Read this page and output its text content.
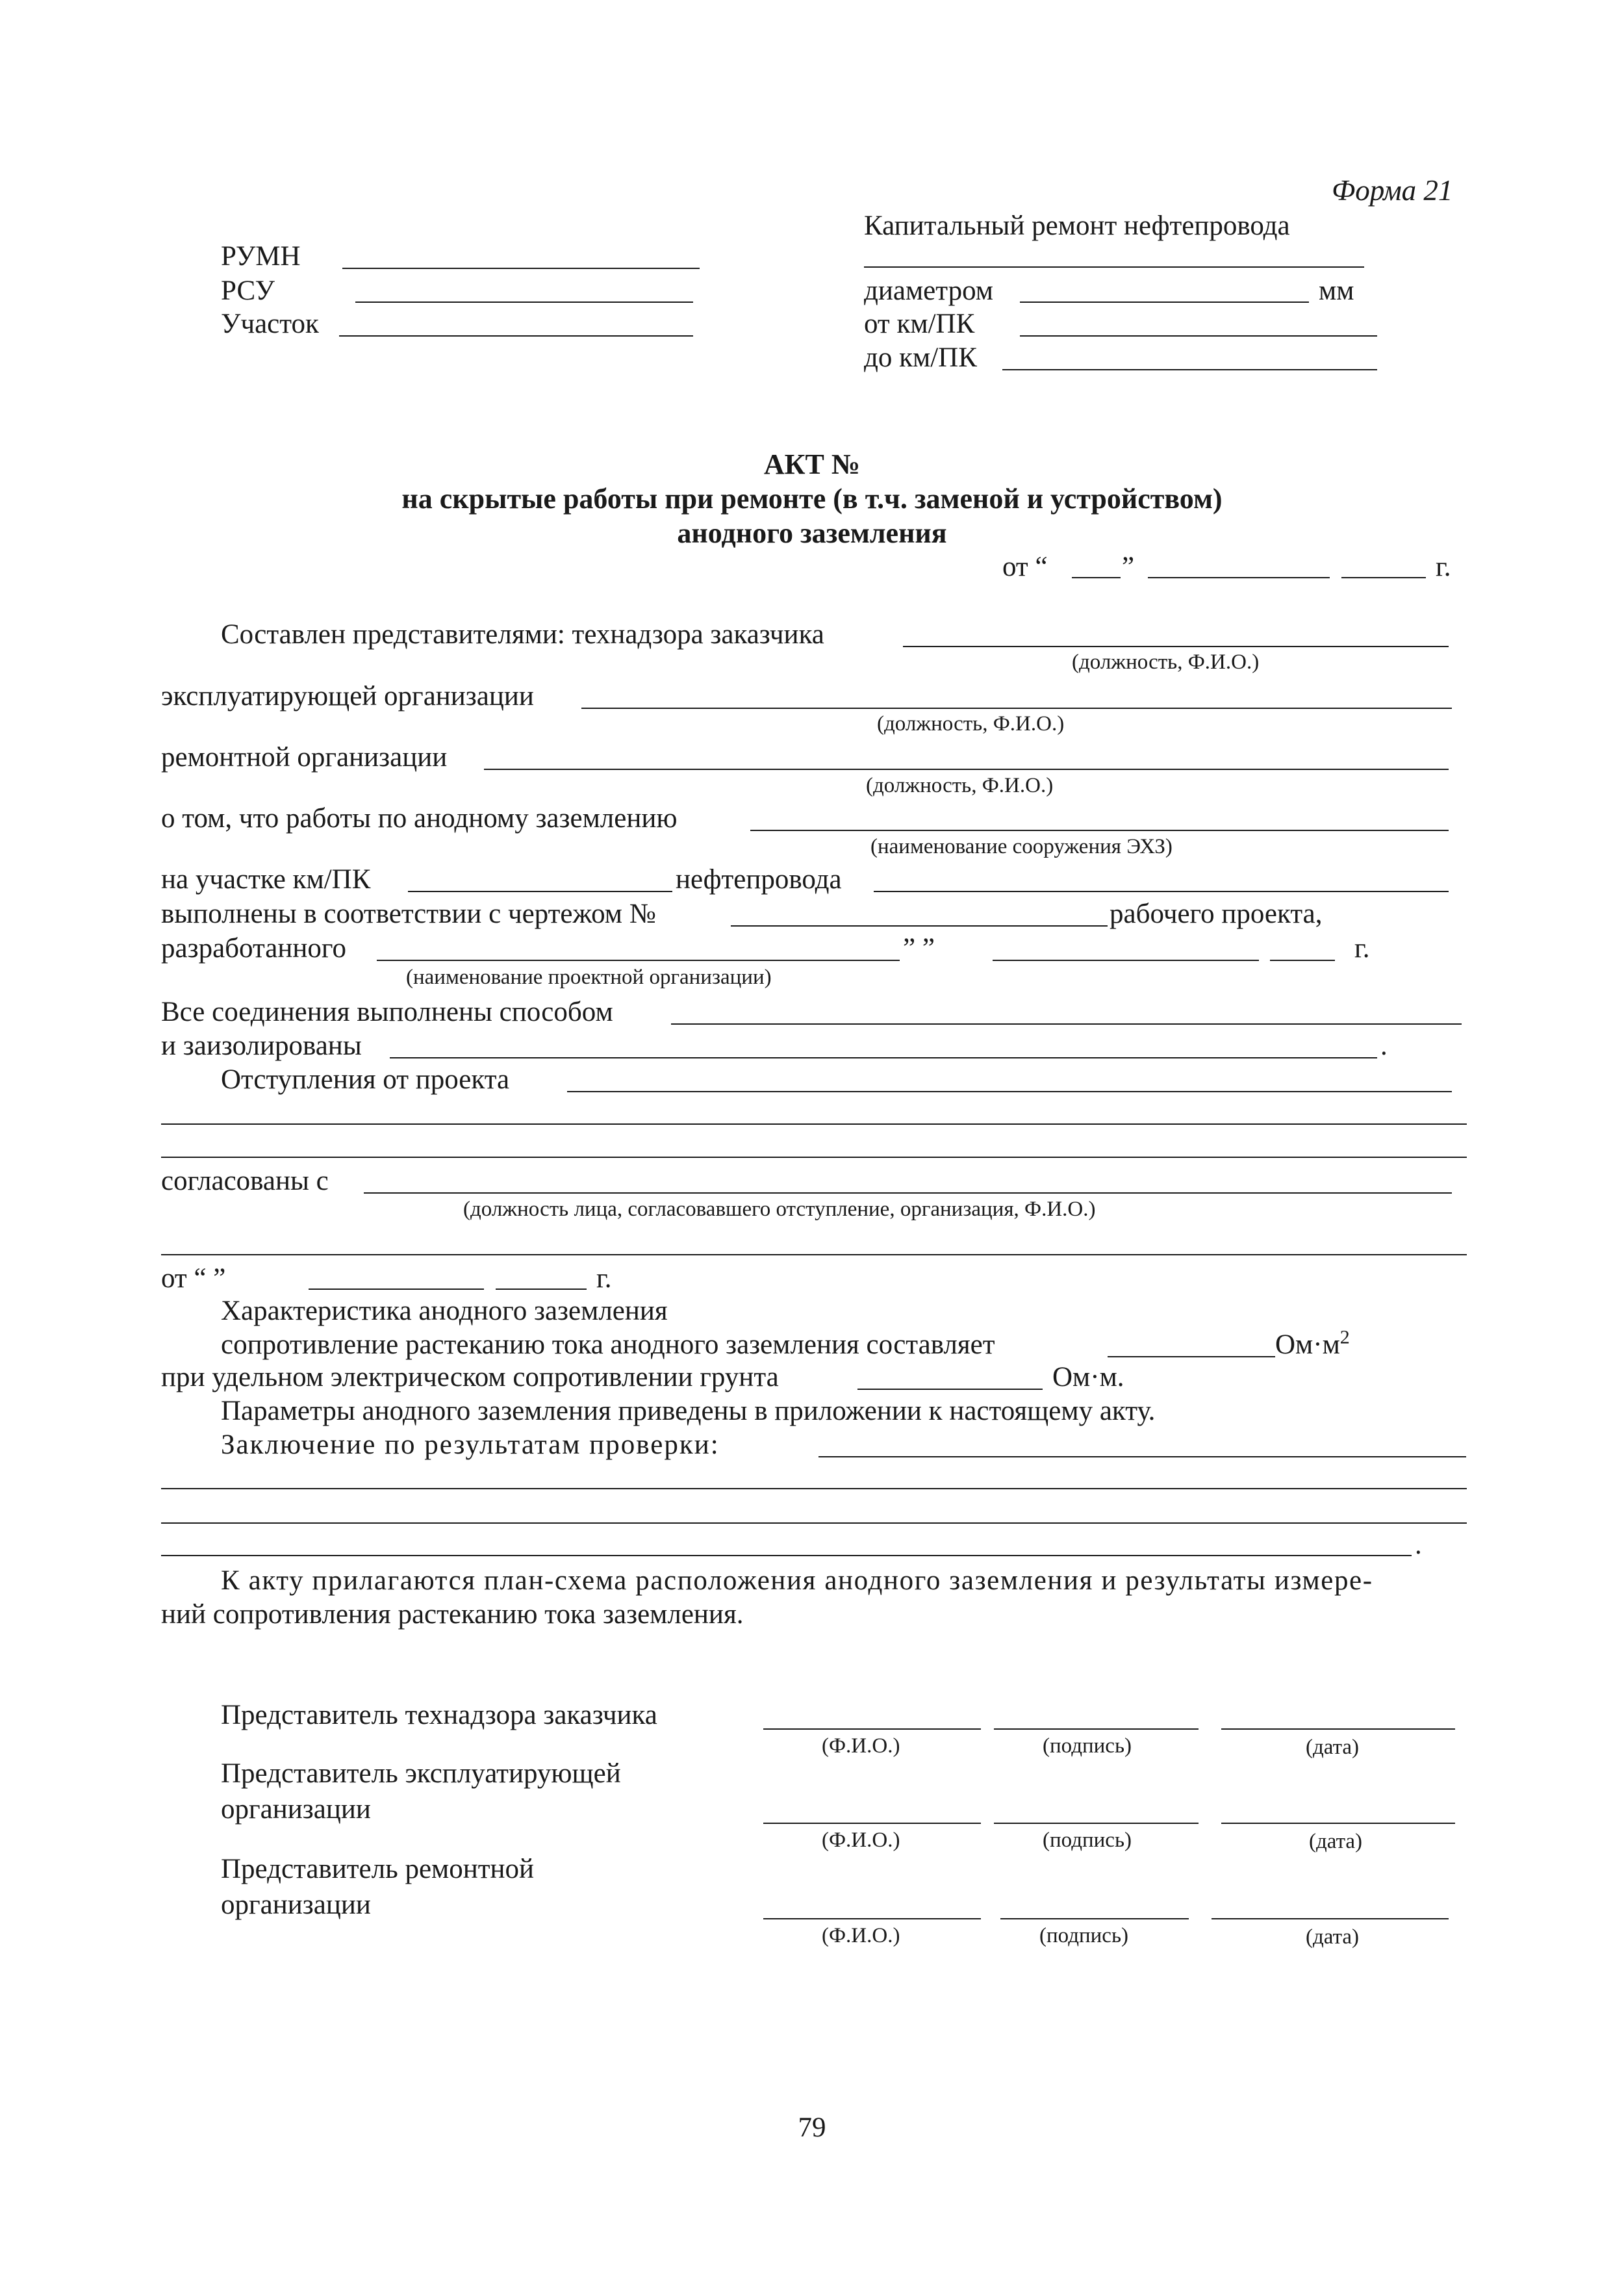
Форма 21
РУМН
РСУ
Участок
Капитальный ремонт нефтепровода
диаметром	мм
от км/ПК
до км/ПК
АКТ №
на скрытые работы при ремонте (в т.ч. заменой и устройством)
анодного заземления
от “	”	г.
Составлен представителями: технадзора заказчика
(должность, Ф.И.О.)
эксплуатирующей организации
(должность, Ф.И.О.)
ремонтной организации
(должность, Ф.И.О.)
о том, что работы по анодному заземлению
(наименование сооружения ЭХЗ)
на участке км/ПК	нефтепровода
выполнены в соответствии с чертежом №	рабочего проекта,
разработанного	” ”	г.
(наименование проектной организации)
Все соединения выполнены способом
и заизолированы	.
Отступления от проекта
согласованы с
(должность лица, согласовавшего отступление, организация, Ф.И.О.)
от “ ”	г.
Характеристика анодного заземления
сопротивление растеканию тока анодного заземления составляет	$Ом\cdot м^2$
при удельном электрическом сопротивлении грунта	Ом·м.
Параметры анодного заземления приведены в приложении к настоящему акту.
Заключение по результатам проверки:
.
К акту прилагаются план-схема расположения анодного заземления и результаты измере-
ний сопротивления растеканию тока заземления.
Представитель технадзора заказчика
(Ф.И.О.)	(подпись)	(дата)
Представитель эксплуатирующей
организации
(Ф.И.О.)	(подпись)	(дата)
Представитель ремонтной
организации
(Ф.И.О.)	(подпись)	(дата)
79
